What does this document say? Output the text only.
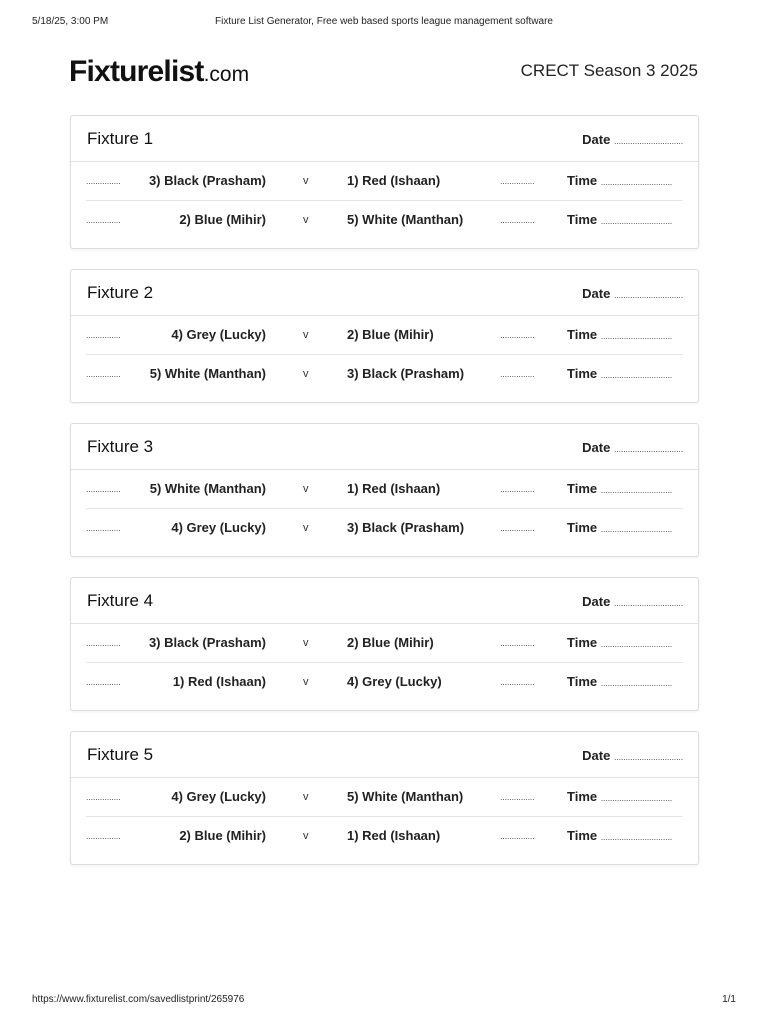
5/18/25, 3:00 PM	Fixture List Generator, Free web based sports league management software
Fixturelist.com	CRECT Season 3 2025
Fixture 1	Date ..............................
...............	3) Black (Prasham)	v	1) Red (Ishaan)	............... Time ...............................
...............	2) Blue (Mihir)	v	5) White (Manthan)	............... Time ...............................
Fixture 2	Date ..............................
...............	4) Grey (Lucky)	v	2) Blue (Mihir)	............... Time ...............................
...............	5) White (Manthan)	v	3) Black (Prasham)	............... Time ...............................
Fixture 3	Date ..............................
...............	5) White (Manthan)	v	1) Red (Ishaan)	............... Time ...............................
...............	4) Grey (Lucky)	v	3) Black (Prasham)	............... Time ...............................
Fixture 4	Date ..............................
...............	3) Black (Prasham)	v	2) Blue (Mihir)	............... Time ...............................
...............	1) Red (Ishaan)	v	4) Grey (Lucky)	............... Time ...............................
Fixture 5	Date ..............................
...............	4) Grey (Lucky)	v	5) White (Manthan)	............... Time ...............................
...............	2) Blue (Mihir)	v	1) Red (Ishaan)	............... Time ...............................
https://www.fixturelist.com/savedlistprint/265976	1/1
